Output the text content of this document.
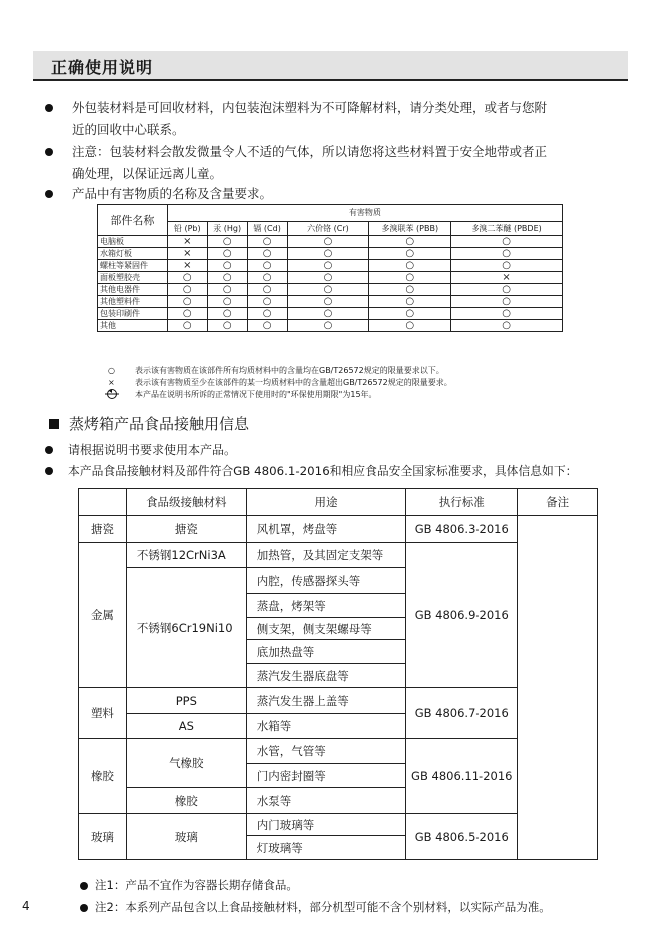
正确使用说明
外包装材料是可回收材料，内包装泡沫塑料为不可降解材料，请分类处理，或者与您附
近的回收中心联系。
注意：包装材料会散发微量令人不适的气体，所以请您将这些材料置于安全地带或者正
确处理，以保证远离儿童。
产品中有害物质的名称及含量要求。
部件名称	有害物质					
	铅 (Pb)	汞 (Hg)	镉 (Cd)	六价铬 (Cr)	多溴联苯 (PBB)	多溴二苯醚 (PBDE)
电脑板	×	○	○	○	○	○
水箱灯板	×	○	○	○	○	○
螺柱等紧固件	×	○	○	○	○	○
面板塑胶壳	○	○	○	○	○	×
其他电器件	○	○	○	○	○	○
其他塑料件	○	○	○	○	○	○
包装印刷件	○	○	○	○	○	○
其他	○	○	○	○	○	○
○	表示该有害物质在该部件所有均质材料中的含量均在GB/T26572规定的限量要求以下。
×	表示该有害物质至少在该部件的某一均质材料中的含量超出GB/T26572规定的限量要求。
本产品在说明书所诉的正常情况下使用时的"环保使用期限"为15年。
蒸烤箱产品食品接触用信息
请根据说明书要求使用本产品。
本产品食品接触材料及部件符合GB 4806.1-2016和相应食品安全国家标准要求，具体信息如下：
	食品级接触材料	用途	执行标准	备注
搪瓷	搪瓷	风机罩，烤盘等	GB 4806.3-2016	
金属	不锈钢12CrNi3A	加热管，及其固定支架等	GB 4806.9-2016	
	不锈钢6Cr19Ni10	内腔，传感器探头等		
		蒸盘，烤架等		
		侧支架，侧支架螺母等		
		底加热盘等		
		蒸汽发生器底盘等		
塑料	PPS	蒸汽发生器上盖等	GB 4806.7-2016	
	AS	水箱等		
橡胶	气橡胶	水管，气管等	GB 4806.11-2016	
		门内密封圈等		
	橡胶	水泵等		
玻璃	玻璃	内门玻璃等	GB 4806.5-2016	
		灯玻璃等		
注1：产品不宜作为容器长期存储食品。
注2：本系列产品包含以上食品接触材料，部分机型可能不含个别材料，以实际产品为准。
4
